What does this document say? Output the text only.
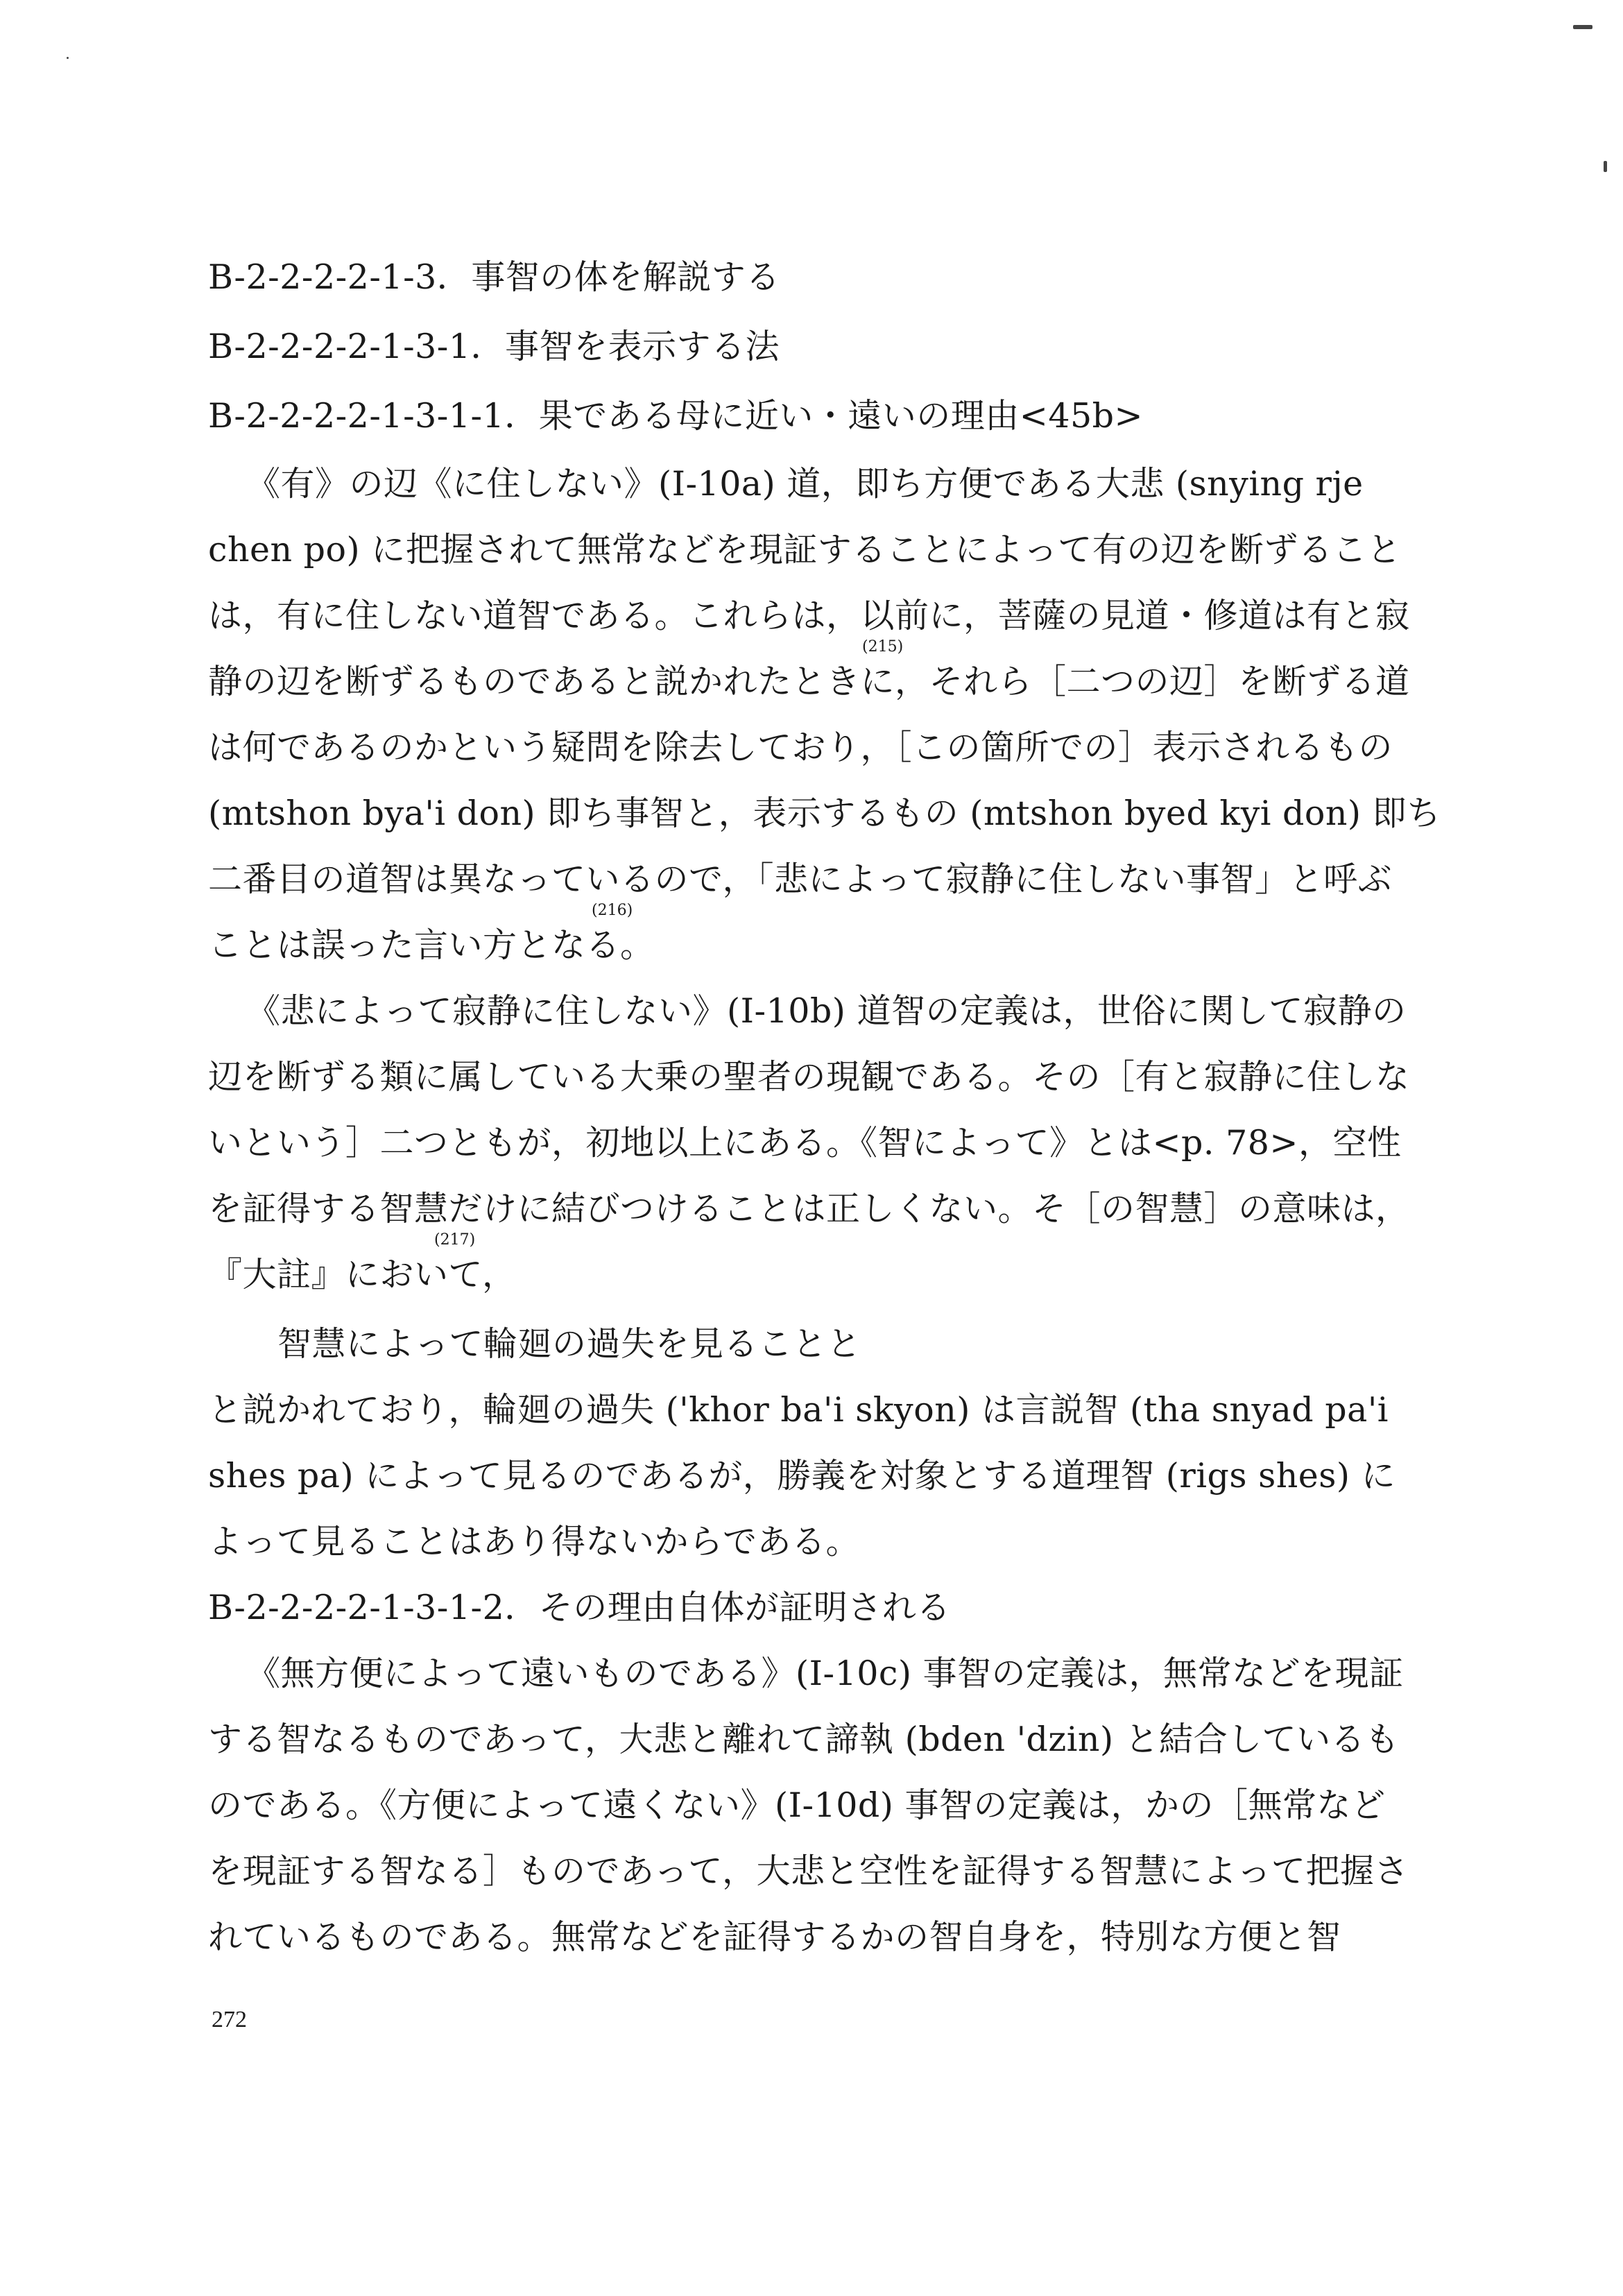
B-2-2-2-2-1-3．事智の体を解説する
B-2-2-2-2-1-3-1．事智を表示する法
B-2-2-2-2-1-3-1-1．果である母に近い・遠いの理由<45b>
《有》の辺《に住しない》(I-10a) 道，即ち方便である大悲 (snying rje
chen po) に把握されて無常などを現証することによって有の辺を断ずること
は，有に住しない道智である。これらは，以前に，菩薩の見道・修道は有と寂
(215)
静の辺を断ずるものであると説かれたときに，それら［二つの辺］を断ずる道
は何であるのかという疑問を除去しており，［この箇所での］表示されるもの
(mtshon bya'i don) 即ち事智と，表示するもの (mtshon byed kyi don) 即ち
二番目の道智は異なっているので，「悲によって寂静に住しない事智」と呼ぶ
(216)
ことは誤った言い方となる。
《悲によって寂静に住しない》(I-10b) 道智の定義は，世俗に関して寂静の
辺を断ずる類に属している大乗の聖者の現観である。その［有と寂静に住しな
いという］二つともが，初地以上にある。《智によって》とは<p. 78>，空性
を証得する智慧だけに結びつけることは正しくない。そ［の智慧］の意味は，
(217)
『大註』において，
智慧によって輪廻の過失を見ることと
と説かれており，輪廻の過失 ('khor ba'i skyon) は言説智 (tha snyad pa'i
shes pa) によって見るのであるが，勝義を対象とする道理智 (rigs shes) に
よって見ることはあり得ないからである。
B-2-2-2-2-1-3-1-2．その理由自体が証明される
《無方便によって遠いものである》(I-10c) 事智の定義は，無常などを現証
する智なるものであって，大悲と離れて諦執 (bden 'dzin) と結合しているも
のである。《方便によって遠くない》(I-10d) 事智の定義は，かの［無常など
を現証する智なる］ものであって，大悲と空性を証得する智慧によって把握さ
れているものである。無常などを証得するかの智自身を，特別な方便と智
272
